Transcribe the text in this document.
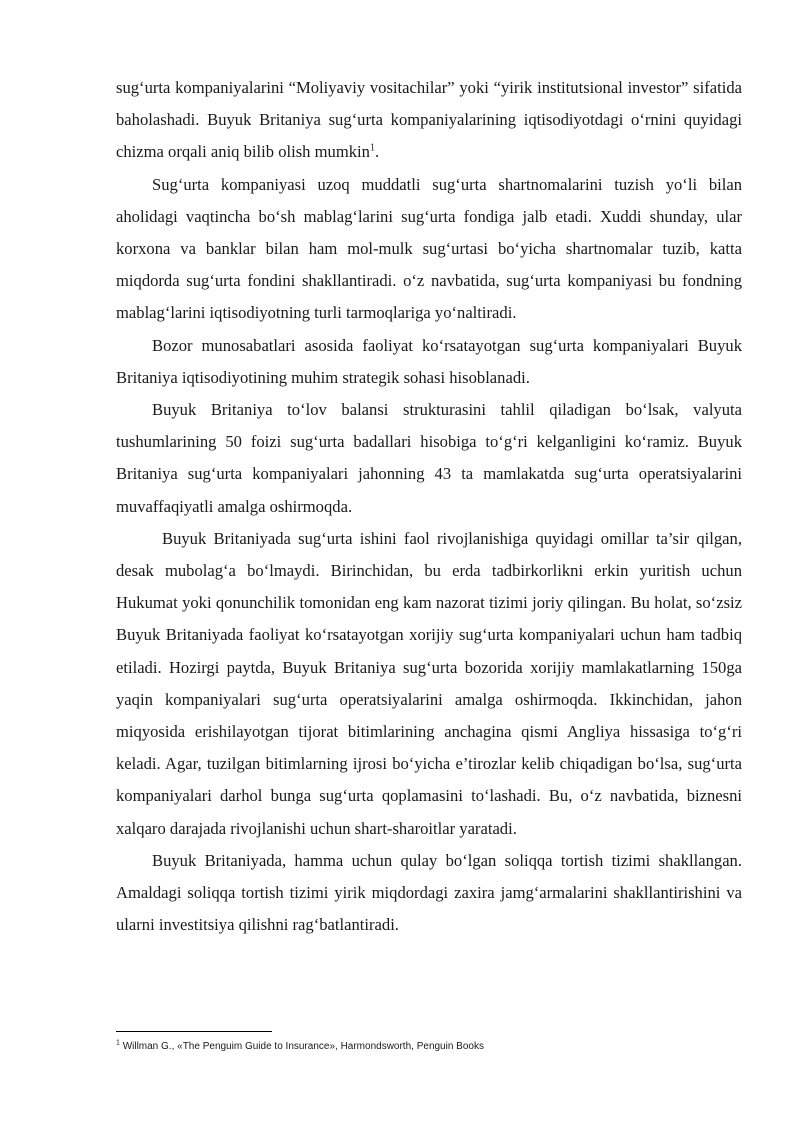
sug‘urta kompaniyalarini “Moliyaviy vositachilar” yoki “yirik institutsional investor” sifatida baholashadi. Buyuk Britaniya sug‘urta kompaniyalarining iqtisodiyotdagi o‘rnini quyidagi chizma orqali aniq bilib olish mumkin$^1$.

Sug‘urta kompaniyasi uzoq muddatli sug‘urta shartnomalarini tuzish yo‘li bilan aholidagi vaqtincha bo‘sh mablag‘larini sug‘urta fondiga jalb etadi. Xuddi shunday, ular korxona va banklar bilan ham mol-mulk sug‘urtasi bo‘yicha shartnomalar tuzib, katta miqdorda sug‘urta fondini shakllantiradi. o‘z navbatida, sug‘urta kompaniyasi bu fondning mablag‘larini iqtisodiyotning turli tarmoqlariga yo‘naltiradi.

Bozor munosabatlari asosida faoliyat ko‘rsatayotgan sug‘urta kompaniyalari Buyuk Britaniya iqtisodiyotining muhim strategik sohasi hisoblanadi.

Buyuk Britaniya to‘lov balansi strukturasini tahlil qiladigan bo‘lsak, valyuta tushumlarining 50 foizi sug‘urta badallari hisobiga to‘g‘ri kelganligini ko‘ramiz. Buyuk Britaniya sug‘urta kompaniyalari jahonning 43 ta mamlakatda sug‘urta operatsiyalarini muvaffaqiyatli amalga oshirmoqda.

Buyuk Britaniyada sug‘urta ishini faol rivojlanishiga quyidagi omillar ta’sir qilgan, desak mubolag‘a bo‘lmaydi. Birinchidan, bu erda tadbirkorlikni erkin yuritish uchun Hukumat yoki qonunchilik tomonidan eng kam nazorat tizimi joriy qilingan. Bu holat, so‘zsiz Buyuk Britaniyada faoliyat ko‘rsatayotgan xorijiy sug‘urta kompaniyalari uchun ham tadbiq etiladi. Hozirgi paytda, Buyuk Britaniya sug‘urta bozorida xorijiy mamlakatlarning 150ga yaqin kompaniyalari sug‘urta operatsiyalarini amalga oshirmoqda. Ikkinchidan, jahon miqyosida erishilayotgan tijorat bitimlarining anchagina qismi Angliya hissasiga to‘g‘ri keladi. Agar, tuzilgan bitimlarning ijrosi bo‘yicha e’tirozlar kelib chiqadigan bo‘lsa, sug‘urta kompaniyalari darhol bunga sug‘urta qoplamasini to‘lashadi. Bu, o‘z navbatida, biznesni xalqaro darajada rivojlanishi uchun shart-sharoitlar yaratadi.

Buyuk Britaniyada, hamma uchun qulay bo‘lgan soliqqa tortish tizimi shakllangan. Amaldagi soliqqa tortish tizimi yirik miqdordagi zaxira jamg‘armalarini shakllantirishini va ularni investitsiya qilishni rag‘batlantiradi.

$^1$ Willman G., «The Penguim Guide to Insurance», Harmondsworth, Penguin Books
